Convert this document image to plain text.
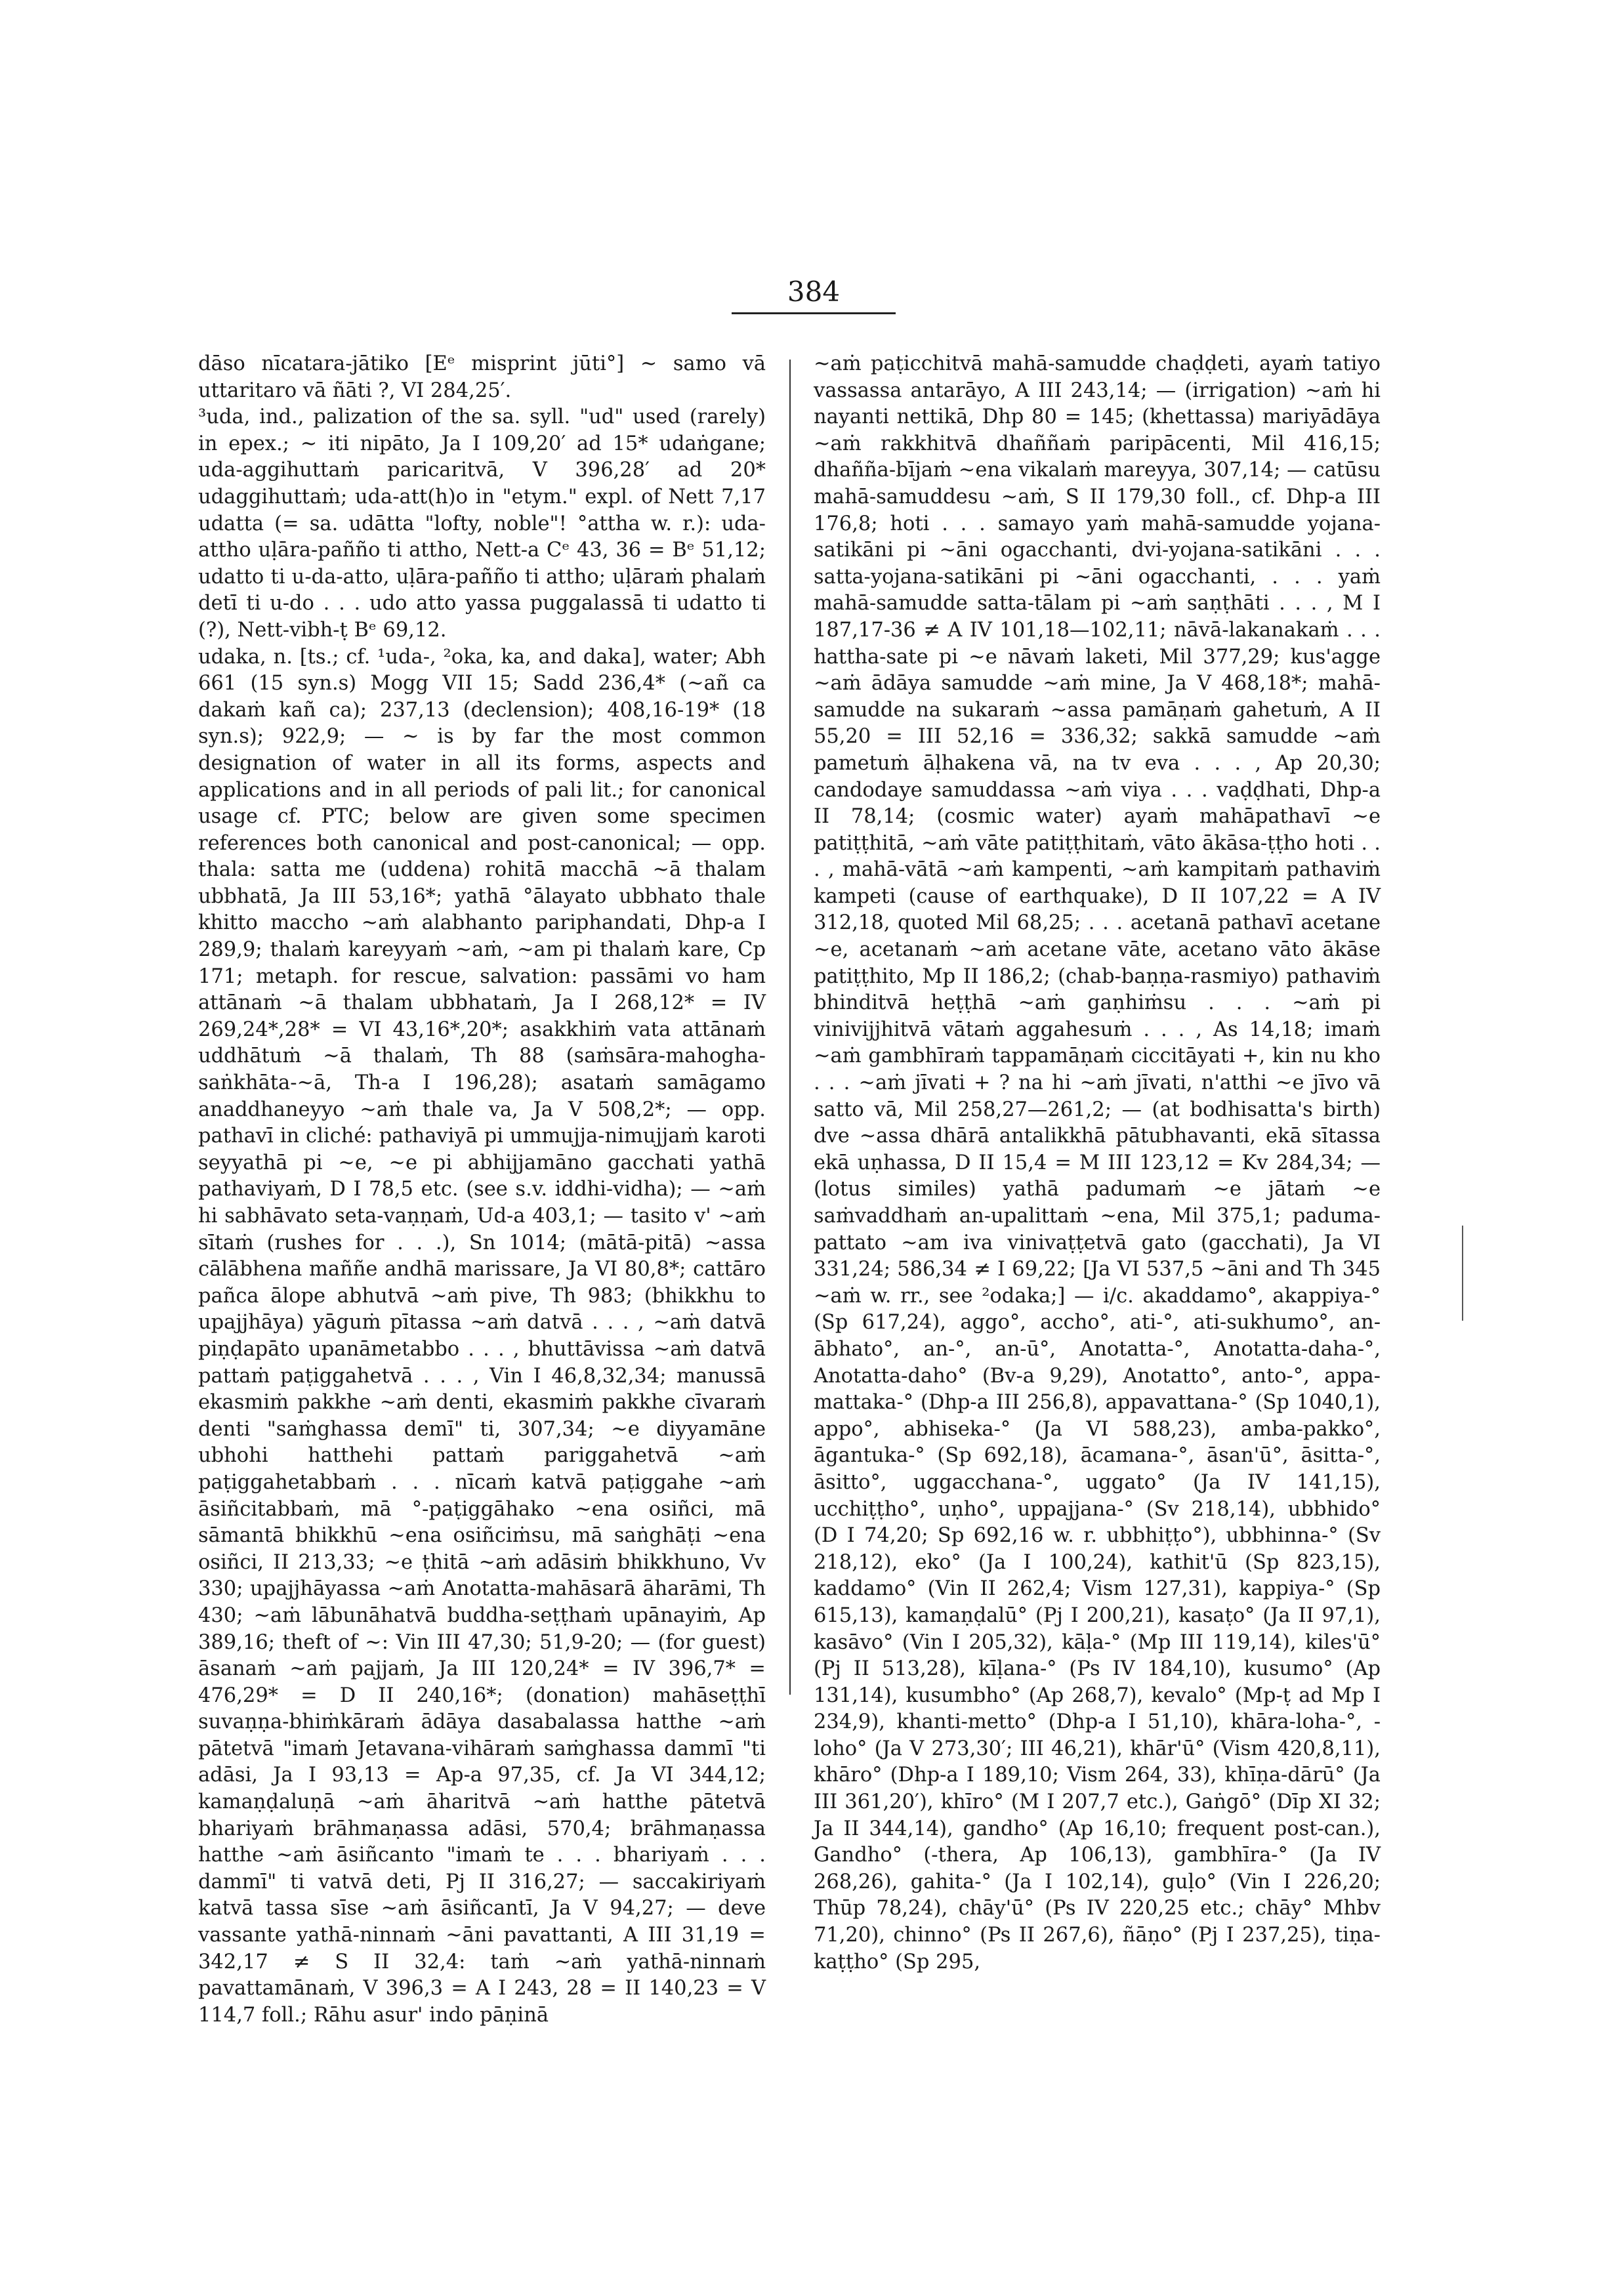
384

dāso nīcatara-jātiko [Eᵉ misprint jūti°] ~ samo vā uttaritaro vā ñāti ?, VI 284,25′.

³uda, ind., palization of the sa. syll. "ud" used (rarely) in epex.; ~ iti nipāto, Ja I 109,20′ ad 15* udaṅgane; uda-aggihuttaṁ paricaritvā, V 396,28′ ad 20* udaggihuttaṁ; uda-att(h)o in "etym." expl. of Nett 7,17 udatta (= sa. udātta "lofty, noble"! °attha w. r.): uda-attho uḷāra-pañño ti attho, Nett-a Cᵉ 43, 36 = Bᵉ 51,12; udatto ti u-da-atto, uḷāra-pañño ti attho; uḷāraṁ phalaṁ detī ti u-do . . . udo atto yassa puggalassā ti udatto ti (?), Nett-vibh-ṭ Bᵉ 69,12.

udaka, n. [ts.; cf. ¹uda-, ²oka, ka, and daka], water; Abh 661 (15 syn.s) Mogg VII 15; Sadd 236,4* (~añ ca dakaṁ kañ ca); 237,13 (declension); 408,16-19* (18 syn.s); 922,9; — ~ is by far the most common designation of water in all its forms, aspects and applications and in all periods of pali lit.; for canonical usage cf. PTC; below are given some specimen references both canonical and post-canonical; — opp. thala: satta me (uddena) rohitā macchā ~ā thalam ubbhatā, Ja III 53,16*; yathā °ālayato ubbhato thale khitto maccho ~aṁ alabhanto pariphandati, Dhp-a I 289,9; thalaṁ kareyyaṁ ~aṁ, ~am pi thalaṁ kare, Cp 171; metaph. for rescue, salvation: passāmi vo ham attānaṁ ~ā thalam ubbhataṁ, Ja I 268,12* = IV 269,24*,28* = VI 43,16*,20*; asakkhiṁ vata attānaṁ uddhātuṁ ~ā thalaṁ, Th 88 (saṁsāra-mahogha-saṅkhāta-~ā, Th-a I 196,28); asataṁ samāgamo anaddhaneyyo ~aṁ thale va, Ja V 508,2*; — opp. pathavī in cliché: pathaviyā pi ummujja-nimujjaṁ karoti seyyathā pi ~e, ~e pi abhijjamāno gacchati yathā pathaviyaṁ, D I 78,5 etc. (see s.v. iddhi-vidha); — ~aṁ hi sabhāvato seta-vaṇṇaṁ, Ud-a 403,1; — tasito v' ~aṁ sītaṁ (rushes for . . .), Sn 1014; (mātā-pitā) ~assa cālābhena maññe andhā marissare, Ja VI 80,8*; cattāro pañca ālope abhutvā ~aṁ pive, Th 983; (bhikkhu to upajjhāya) yāguṁ pītassa ~aṁ datvā . . . , ~aṁ datvā piṇḍapāto upanāmetabbo . . . , bhuttāvissa ~aṁ datvā pattaṁ paṭiggahetvā . . . , Vin I 46,8,32,34; manussā ekasmiṁ pakkhe ~aṁ denti, ekasmiṁ pakkhe cīvaraṁ denti "saṁghassa demī" ti, 307,34; ~e diyyamāne ubhohi hatthehi pattaṁ pariggahetvā ~aṁ paṭiggahetabbaṁ . . . nīcaṁ katvā paṭiggahe ~aṁ āsiñcitabbaṁ, mā °-paṭiggāhako ~ena osiñci, mā sāmantā bhikkhū ~ena osiñciṁsu, mā saṅghāṭi ~ena osiñci, II 213,33; ~e ṭhitā ~aṁ adāsiṁ bhikkhuno, Vv 330; upajjhāyassa ~aṁ Anotatta-mahāsarā āharāmi, Th 430; ~aṁ lābunāhatvā buddha-seṭṭhaṁ upānayiṁ, Ap 389,16; theft of ~: Vin III 47,30; 51,9-20; — (for guest) āsanaṁ ~aṁ pajjaṁ, Ja III 120,24* = IV 396,7* = 476,29* = D II 240,16*; (donation) mahāseṭṭhī suvaṇṇa-bhiṁkāraṁ ādāya dasabalassa hatthe ~aṁ pātetvā "imaṁ Jetavana-vihāraṁ saṁghassa dammī "ti adāsi, Ja I 93,13 = Ap-a 97,35, cf. Ja VI 344,12; kamaṇḍaluṇā ~aṁ āharitvā ~aṁ hatthe pātetvā bhariyaṁ brāhmaṇassa adāsi, 570,4; brāhmaṇassa hatthe ~aṁ āsiñcanto "imaṁ te . . . bhariyaṁ . . . dammī" ti vatvā deti, Pj II 316,27; — saccakiriyaṁ katvā tassa sīse ~aṁ āsiñcantī, Ja V 94,27; — deve vassante yathā-ninnaṁ ~āni pavattanti, A III 31,19 = 342,17 ≠ S II 32,4: taṁ ~aṁ yathā-ninnaṁ pavattamānaṁ, V 396,3 = A I 243, 28 = II 140,23 = V 114,7 foll.; Rāhu asur' indo pāṇinā

~aṁ paṭicchitvā mahā-samudde chaḍḍeti, ayaṁ tatiyo vassassa antarāyo, A III 243,14; — (irrigation) ~aṁ hi nayanti nettikā, Dhp 80 = 145; (khettassa) mariyādāya ~aṁ rakkhitvā dhaññaṁ paripācenti, Mil 416,15; dhañña-bījaṁ ~ena vikalaṁ mareyya, 307,14; — catūsu mahā-samuddesu ~aṁ, S II 179,30 foll., cf. Dhp-a III 176,8; hoti . . . samayo yaṁ mahā-samudde yojana-satikāni pi ~āni ogacchanti, dvi-yojana-satikāni . . . satta-yojana-satikāni pi ~āni ogacchanti, . . . yaṁ mahā-samudde satta-tālam pi ~aṁ saṇṭhāti . . . , M I 187,17-36 ≠ A IV 101,18—102,11; nāvā-lakanakaṁ . . . hattha-sate pi ~e nāvaṁ laketi, Mil 377,29; kus'agge ~aṁ ādāya samudde ~aṁ mine, Ja V 468,18*; mahā-samudde na sukaraṁ ~assa pamāṇaṁ gahetuṁ, A II 55,20 = III 52,16 = 336,32; sakkā samudde ~aṁ pametuṁ āḷhakena vā, na tv eva . . . , Ap 20,30; candodaye samuddassa ~aṁ viya . . . vaḍḍhati, Dhp-a II 78,14; (cosmic water) ayaṁ mahāpathavī ~e patiṭṭhitā, ~aṁ vāte patiṭṭhitaṁ, vāto ākāsa-ṭṭho hoti . . . , mahā-vātā ~aṁ kampenti, ~aṁ kampitaṁ pathaviṁ kampeti (cause of earthquake), D II 107,22 = A IV 312,18, quoted Mil 68,25; . . . acetanā pathavī acetane ~e, acetanaṁ ~aṁ acetane vāte, acetano vāto ākāse patiṭṭhito, Mp II 186,2; (chab-baṇṇa-rasmiyo) pathaviṁ bhinditvā heṭṭhā ~aṁ gaṇhiṁsu . . . ~aṁ pi vinivijjhitvā vātaṁ aggahesuṁ . . . , As 14,18; imaṁ ~aṁ gambhīraṁ tappamāṇaṁ ciccitāyati +, kin nu kho . . . ~aṁ jīvati + ? na hi ~aṁ jīvati, n'atthi ~e jīvo vā satto vā, Mil 258,27—261,2; — (at bodhisatta's birth) dve ~assa dhārā antalikkhā pātubhavanti, ekā sītassa ekā uṇhassa, D II 15,4 = M III 123,12 = Kv 284,34; — (lotus similes) yathā padumaṁ ~e jātaṁ ~e saṁvaddhaṁ an-upalittaṁ ~ena, Mil 375,1; paduma-pattato ~am iva vinivaṭṭetvā gato (gacchati), Ja VI 331,24; 586,34 ≠ I 69,22; [Ja VI 537,5 ~āni and Th 345 ~aṁ w. rr., see ²odaka;] — i/c. akaddamo°, akappiya-° (Sp 617,24), aggo°, accho°, ati-°, ati-sukhumo°, an-ābhato°, an-°, an-ū°, Anotatta-°, Anotatta-daha-°, Anotatta-daho° (Bv-a 9,29), Anotatto°, anto-°, appa-mattaka-° (Dhp-a III 256,8), appavattana-° (Sp 1040,1), appo°, abhiseka-° (Ja VI 588,23), amba-pakko°, āgantuka-° (Sp 692,18), ācamana-°, āsan'ū°, āsitta-°, āsitto°, uggacchana-°, uggato° (Ja IV 141,15), ucchiṭṭho°, uṇho°, uppajjana-° (Sv 218,14), ubbhido° (D I 74,20; Sp 692,16 w. r. ubbhiṭṭo°), ubbhinna-° (Sv 218,12), eko° (Ja I 100,24), kathit'ū (Sp 823,15), kaddamo° (Vin II 262,4; Vism 127,31), kappiya-° (Sp 615,13), kamaṇḍalū° (Pj I 200,21), kasaṭo° (Ja II 97,1), kasāvo° (Vin I 205,32), kāḷa-° (Mp III 119,14), kiles'ū° (Pj II 513,28), kīḷana-° (Ps IV 184,10), kusumo° (Ap 131,14), kusumbho° (Ap 268,7), kevalo° (Mp-ṭ ad Mp I 234,9), khanti-metto° (Dhp-a I 51,10), khāra-loha-°, -loho° (Ja V 273,30′; III 46,21), khār'ū° (Vism 420,8,11), khāro° (Dhp-a I 189,10; Vism 264, 33), khīṇa-dārū° (Ja III 361,20′), khīro° (M I 207,7 etc.), Gaṅgō° (Dīp XI 32; Ja II 344,14), gandho° (Ap 16,10; frequent post-can.), Gandho° (-thera, Ap 106,13), gambhīra-° (Ja IV 268,26), gahita-° (Ja I 102,14), guḷo° (Vin I 226,20; Thūp 78,24), chāy'ū° (Ps IV 220,25 etc.; chāy° Mhbv 71,20), chinno° (Ps II 267,6), ñāṇo° (Pj I 237,25), tiṇa-kaṭṭho° (Sp 295,
